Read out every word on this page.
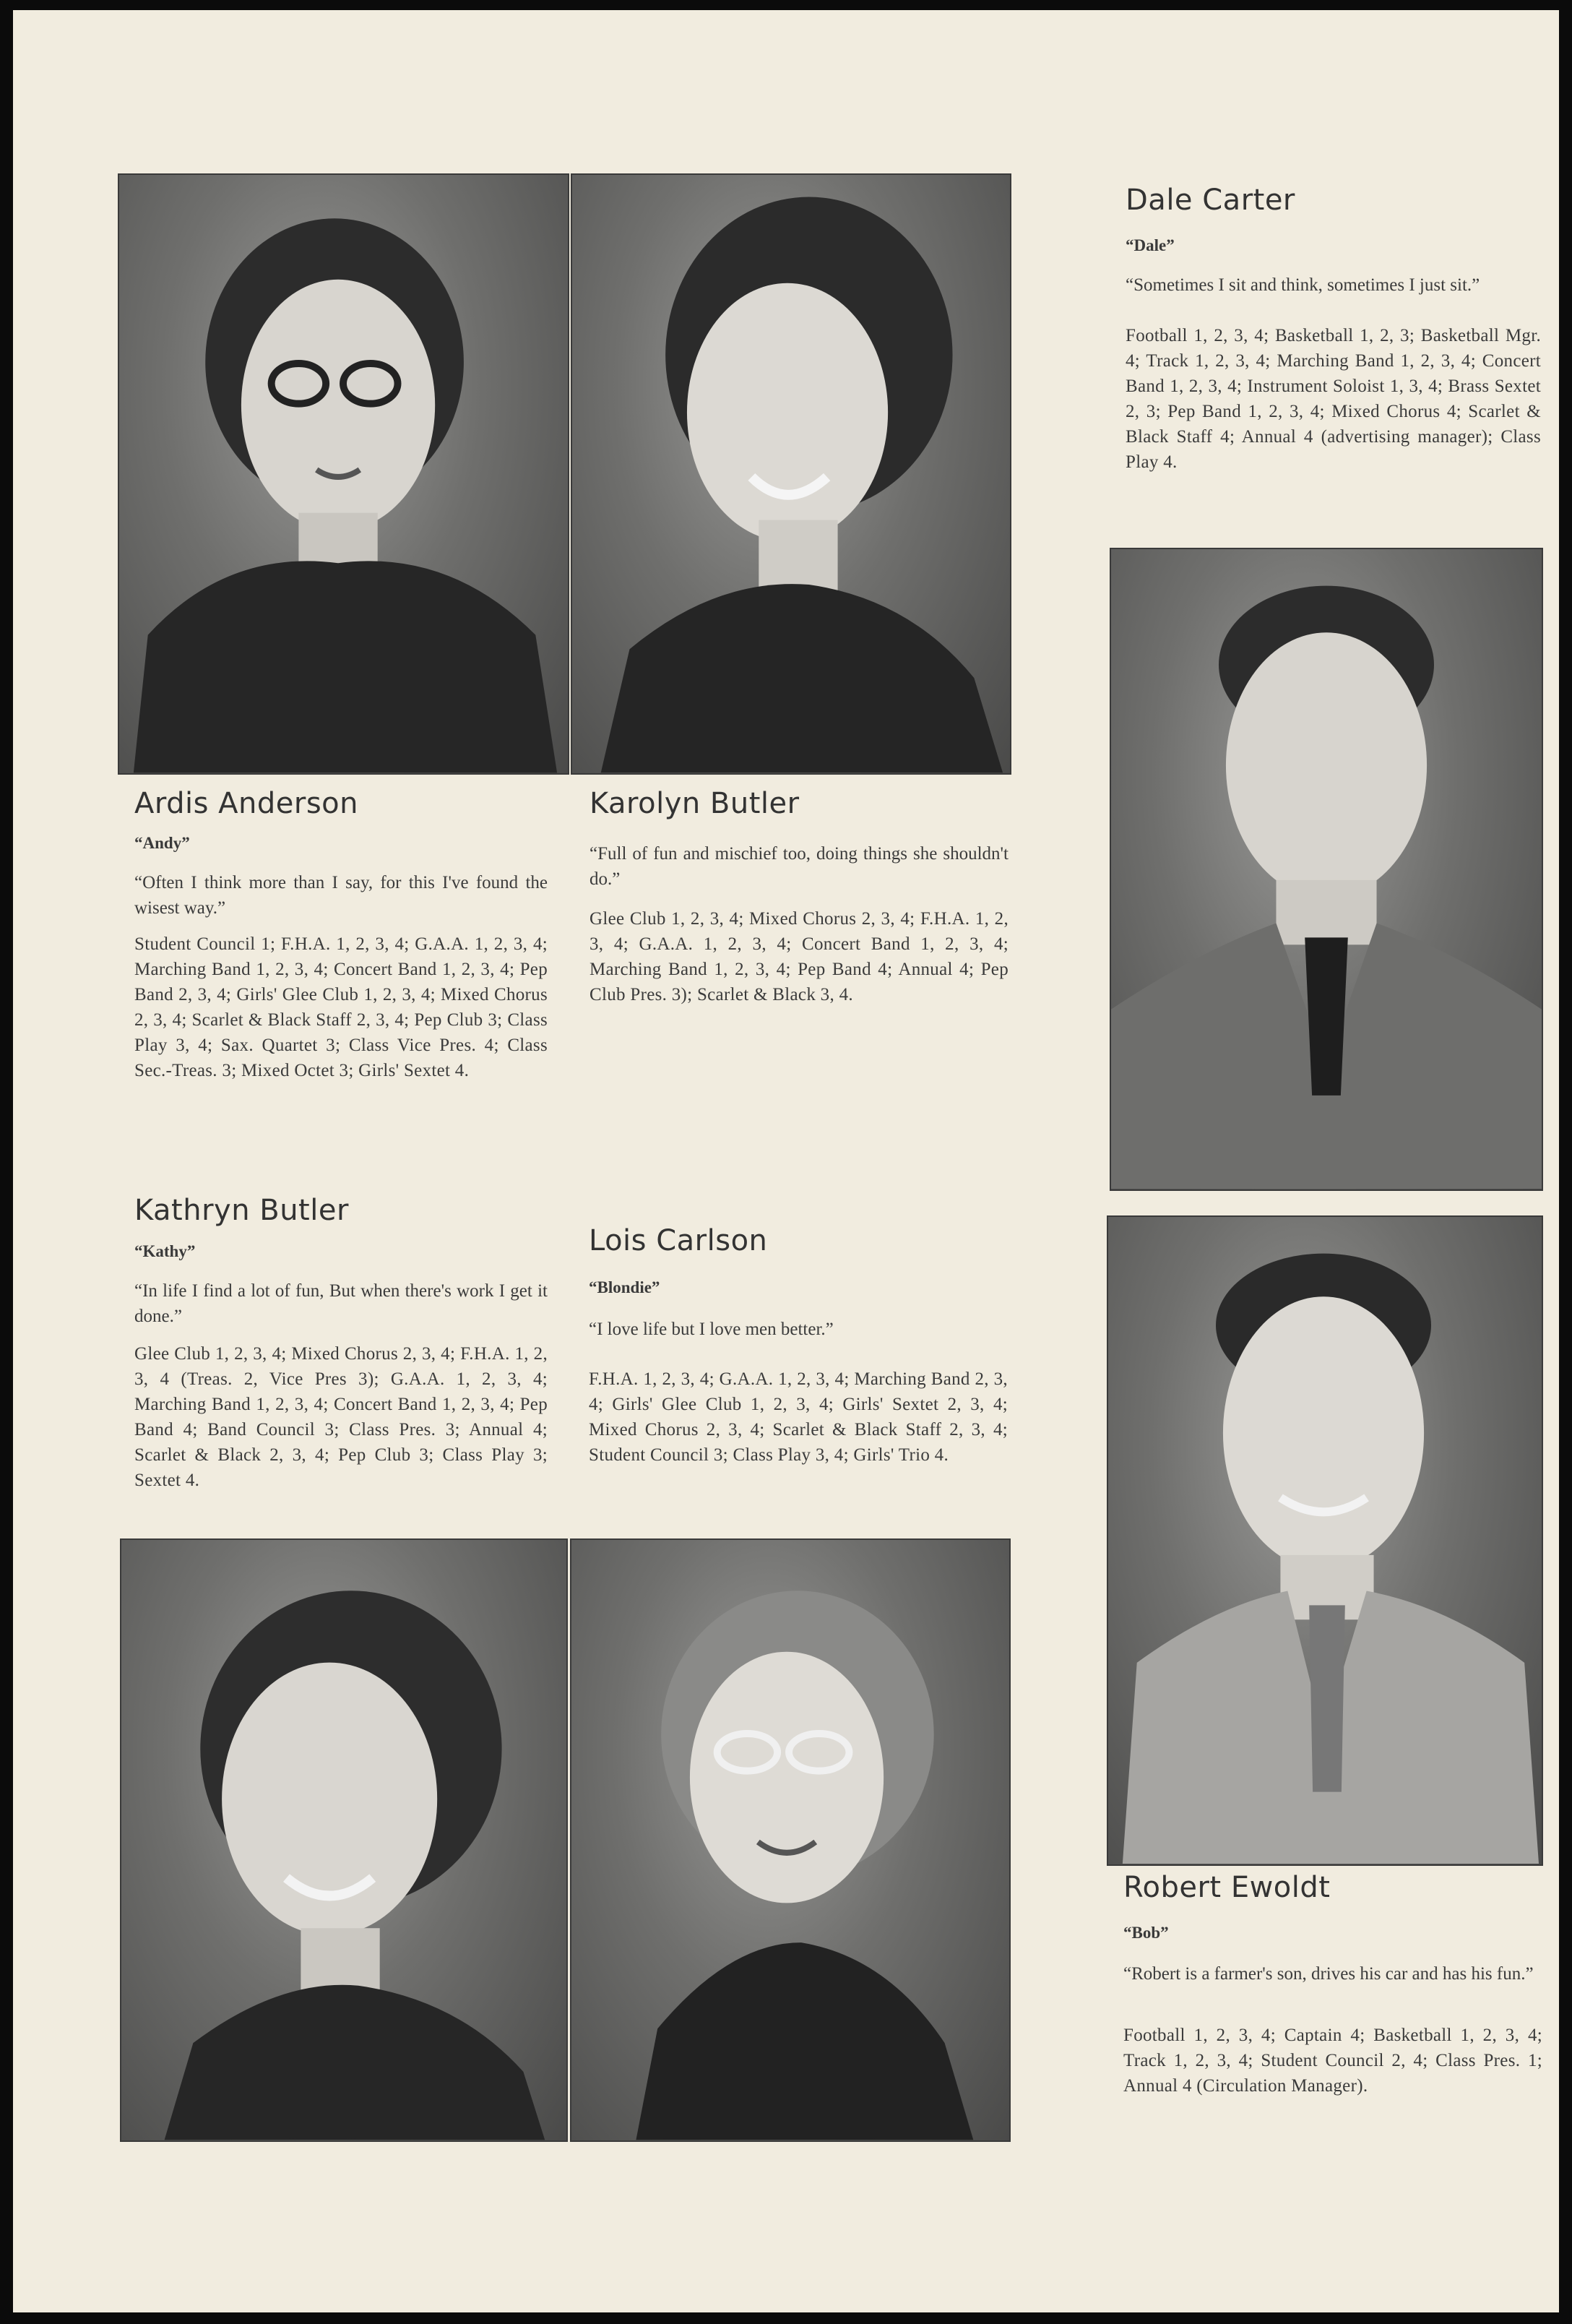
Ardis Anderson
“Andy”
“Often I think more than I say, for this I've found the wisest way.”
Student Council 1; F.H.A. 1, 2, 3, 4; G.A.A. 1, 2, 3, 4; Marching Band 1, 2, 3, 4; Concert Band 1, 2, 3, 4; Pep Band 2, 3, 4; Girls' Glee Club 1, 2, 3, 4; Mixed Chorus 2, 3, 4; Scarlet & Black Staff 2, 3, 4; Pep Club 3; Class Play 3, 4; Sax. Quartet 3; Class Vice Pres. 4; Class Sec.-Treas. 3; Mixed Octet 3; Girls' Sextet 4.
Karolyn Butler
“Full of fun and mischief too, doing things she shouldn't do.”
Glee Club 1, 2, 3, 4; Mixed Chorus 2, 3, 4; F.H.A. 1, 2, 3, 4; G.A.A. 1, 2, 3, 4; Concert Band 1, 2, 3, 4; Marching Band 1, 2, 3, 4; Pep Band 4; Annual 4; Pep Club Pres. 3); Scarlet & Black 3, 4.
Kathryn Butler
“Kathy”
“In life I find a lot of fun, But when there's work I get it done.”
Glee Club 1, 2, 3, 4; Mixed Chorus 2, 3, 4; F.H.A. 1, 2, 3, 4 (Treas. 2, Vice Pres 3); G.A.A. 1, 2, 3, 4; Marching Band 1, 2, 3, 4; Concert Band 1, 2, 3, 4; Pep Band 4; Band Council 3; Class Pres. 3; Annual 4; Scarlet & Black 2, 3, 4; Pep Club 3; Class Play 3; Sextet 4.
Lois Carlson
“Blondie”
“I love life but I love men better.”
F.H.A. 1, 2, 3, 4; G.A.A. 1, 2, 3, 4; Marching Band 2, 3, 4; Girls' Glee Club 1, 2, 3, 4; Girls' Sextet 2, 3, 4; Mixed Chorus 2, 3, 4; Scarlet & Black Staff 2, 3, 4; Student Council 3; Class Play 3, 4; Girls' Trio 4.
Dale Carter
“Dale”
“Sometimes I sit and think, sometimes I just sit.”
Football 1, 2, 3, 4; Basketball 1, 2, 3; Basketball Mgr. 4; Track 1, 2, 3, 4; Marching Band 1, 2, 3, 4; Concert Band 1, 2, 3, 4; Instrument Soloist 1, 3, 4; Brass Sextet 2, 3; Pep Band 1, 2, 3, 4; Mixed Chorus 4; Scarlet & Black Staff 4; Annual 4 (advertising manager); Class Play 4.
Robert Ewoldt
“Bob”
“Robert is a farmer's son, drives his car and has his fun.”
Football 1, 2, 3, 4; Captain 4; Basketball 1, 2, 3, 4; Track 1, 2, 3, 4; Student Council 2, 4; Class Pres. 1; Annual 4 (Circulation Manager).
